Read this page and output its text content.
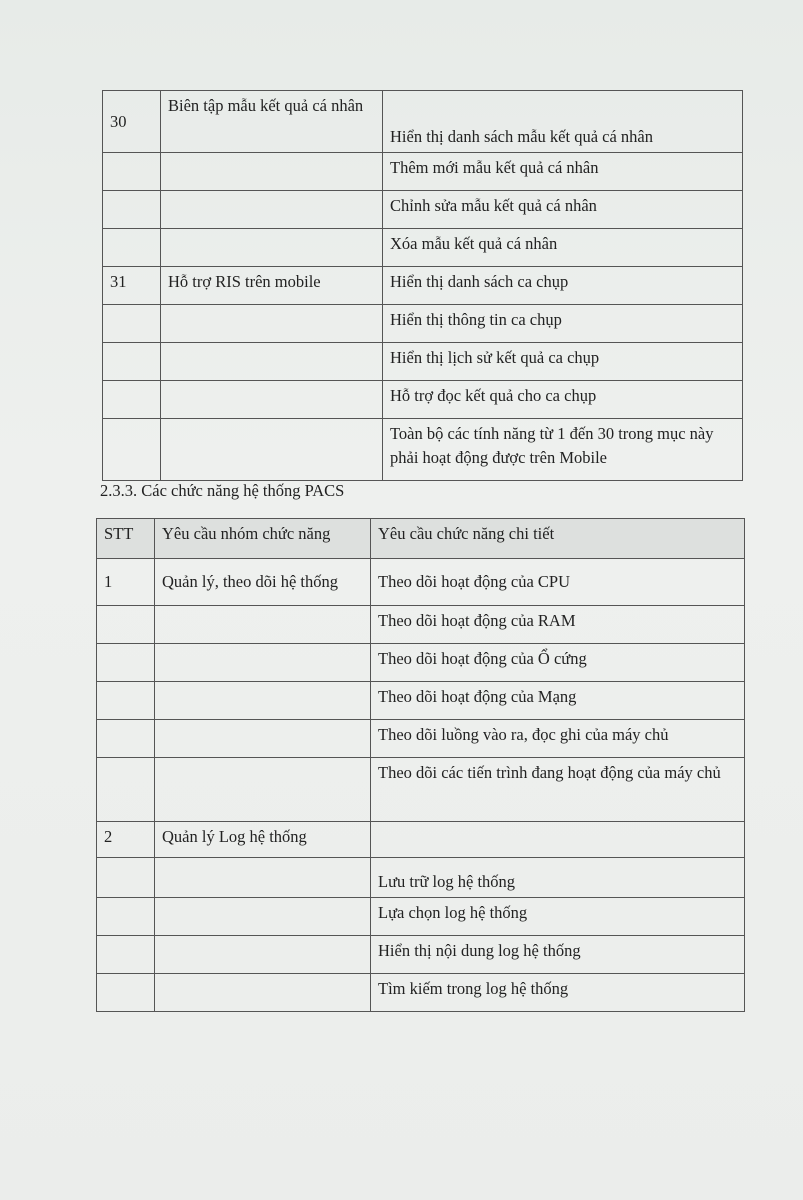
30	Biên tập mẫu kết quả cá nhân	Hiển thị danh sách mẫu kết quả cá nhân
		Thêm mới mẫu kết quả cá nhân
		Chỉnh sửa mẫu kết quả cá nhân
		Xóa mẫu kết quả cá nhân
31	Hỗ trợ RIS trên mobile	Hiển thị danh sách ca chụp
		Hiển thị thông tin ca chụp
		Hiển thị lịch sử kết quả ca chụp
		Hỗ trợ đọc kết quả cho ca chụp
		Toàn bộ các tính năng từ 1 đến 30 trong mục này phải hoạt động được trên Mobile
2.3.3. Các chức năng hệ thống PACS
STT	Yêu cầu nhóm chức năng	Yêu cầu chức năng chi tiết
1	Quản lý, theo dõi hệ thống	Theo dõi hoạt động của CPU
		Theo dõi hoạt động của RAM
		Theo dõi hoạt động của Ổ cứng
		Theo dõi hoạt động của Mạng
		Theo dõi luồng vào ra, đọc ghi của máy chủ
		Theo dõi các tiến trình đang hoạt động của máy chủ
2	Quản lý Log hệ thống	
		Lưu trữ log hệ thống
		Lựa chọn log hệ thống
		Hiển thị nội dung log hệ thống
		Tìm kiếm trong log hệ thống
